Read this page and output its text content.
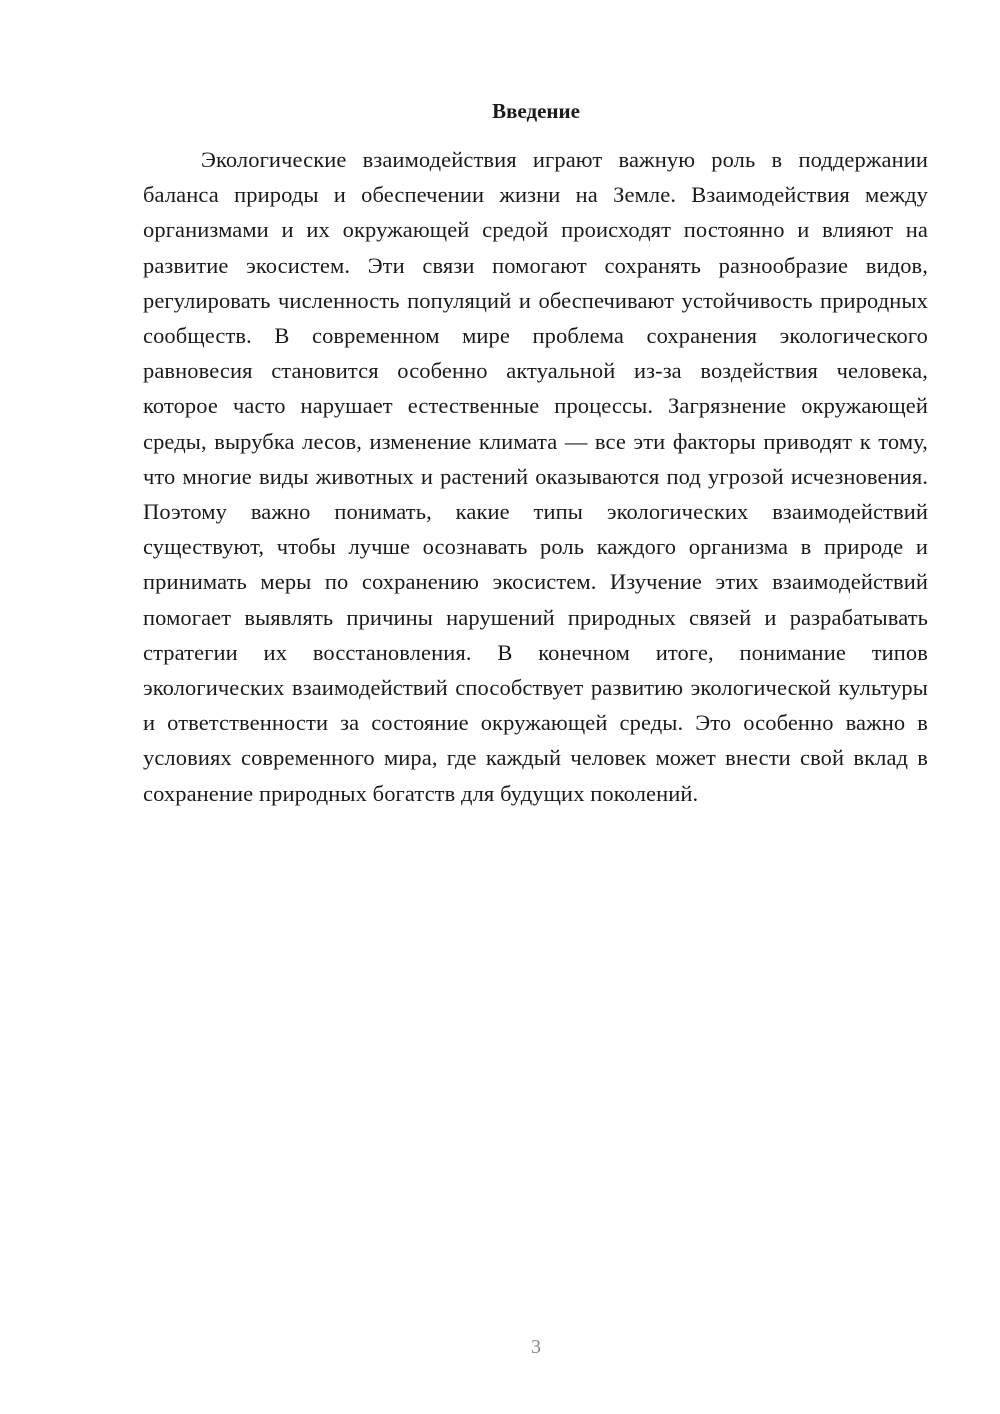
Введение

Экологические взаимодействия играют важную роль в поддержании баланса природы и обеспечении жизни на Земле. Взаимодействия между организмами и их окружающей средой происходят постоянно и влияют на развитие экосистем. Эти связи помогают сохранять разнообразие видов, регулировать численность популяций и обеспечивают устойчивость природных сообществ. В современном мире проблема сохранения экологического равновесия становится особенно актуальной из-за воздействия человека, которое часто нарушает естественные процессы. Загрязнение окружающей среды, вырубка лесов, изменение климата — все эти факторы приводят к тому, что многие виды животных и растений оказываются под угрозой исчезновения. Поэтому важно понимать, какие типы экологических взаимодействий существуют, чтобы лучше осознавать роль каждого организма в природе и принимать меры по сохранению экосистем. Изучение этих взаимодействий помогает выявлять причины нарушений природных связей и разрабатывать стратегии их восстановления. В конечном итоге, понимание типов экологических взаимодействий способствует развитию экологической культуры и ответственности за состояние окружающей среды. Это особенно важно в условиях современного мира, где каждый человек может внести свой вклад в сохранение природных богатств для будущих поколений.

3
